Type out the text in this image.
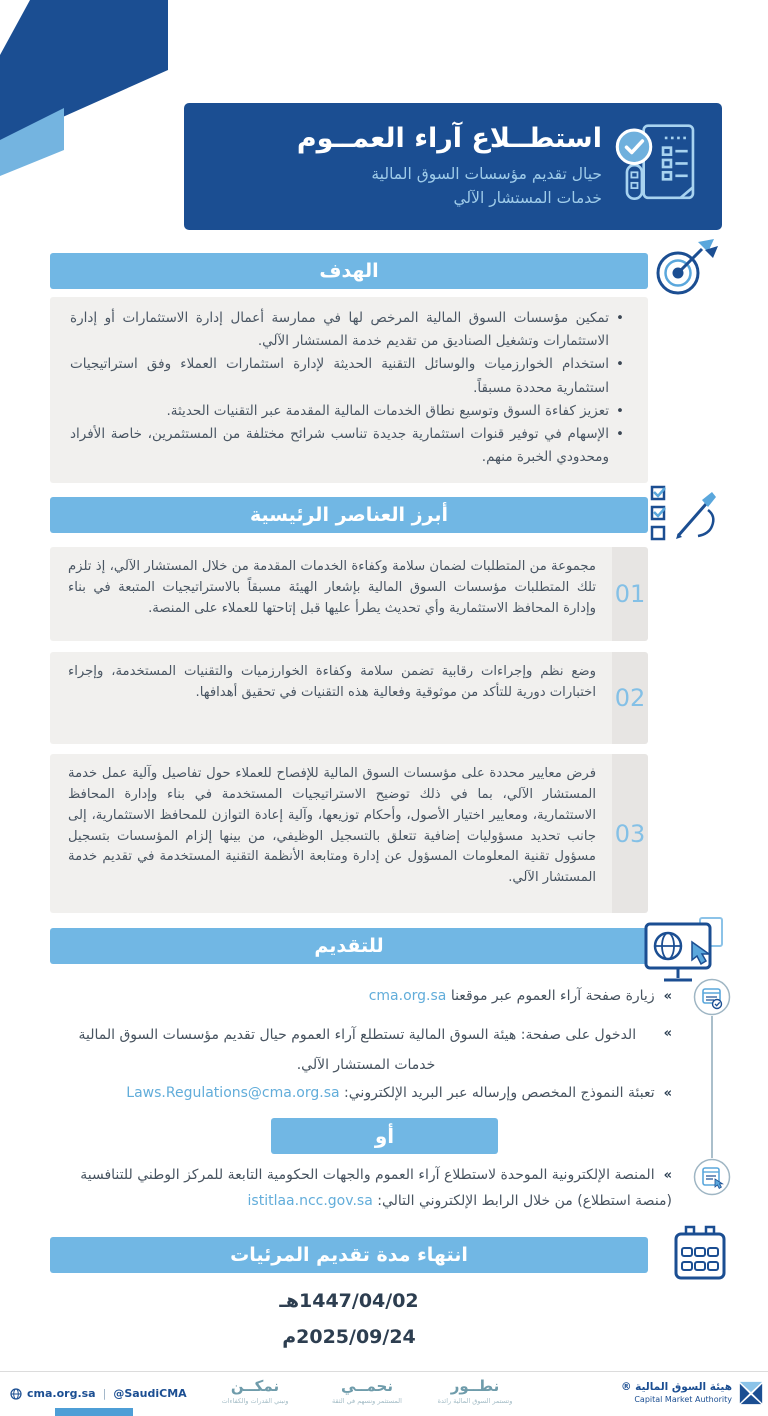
استطــلاع آراء العمــوم
حيال تقديم مؤسسات السوق المالية
خدمات المستشار الآلي
الهدف
• تمكين مؤسسات السوق المالية المرخص لها في ممارسة أعمال إدارة الاستثمارات أو إدارة الاستثمارات وتشغيل الصناديق من تقديم خدمة المستشار الآلي.
• استخدام الخوارزميات والوسائل التقنية الحديثة لإدارة استثمارات العملاء وفق استراتيجيات استثمارية محددة مسبقاً.
• تعزيز كفاءة السوق وتوسيع نطاق الخدمات المالية المقدمة عبر التقنيات الحديثة.
• الإسهام في توفير قنوات استثمارية جديدة تناسب شرائح مختلفة من المستثمرين، خاصة الأفراد ومحدودي الخبرة منهم.
أبرز العناصر الرئيسية
01
مجموعة من المتطلبات لضمان سلامة وكفاءة الخدمات المقدمة من خلال المستشار الآلي، إذ تلزم تلك المتطلبات مؤسسات السوق المالية بإشعار الهيئة مسبقاً بالاستراتيجيات المتبعة في بناء وإدارة المحافظ الاستثمارية وأي تحديث يطرأ عليها قبل إتاحتها للعملاء على المنصة.
02
وضع نظم وإجراءات رقابية تضمن سلامة وكفاءة الخوارزميات والتقنيات المستخدمة، وإجراء اختبارات دورية للتأكد من موثوقية وفعالية هذه التقنيات في تحقيق أهدافها.
03
فرض معايير محددة على مؤسسات السوق المالية للإفصاح للعملاء حول تفاصيل وآلية عمل خدمة المستشار الآلي، بما في ذلك توضيح الاستراتيجيات المستخدمة في بناء وإدارة المحافظ الاستثمارية، ومعايير اختيار الأصول، وأحكام توزيعها، وآلية إعادة التوازن للمحافظ الاستثمارية، إلى جانب تحديد مسؤوليات إضافية تتعلق بالتسجيل الوظيفي، من بينها إلزام المؤسسات بتسجيل مسؤول تقنية المعلومات المسؤول عن إدارة ومتابعة الأنظمة التقنية المستخدمة في تقديم خدمة المستشار الآلي.
للتقديم
«زيارة صفحة آراء العموم عبر موقعنا cma.org.sa
«
الدخول على صفحة: هيئة السوق المالية تستطلع آراء العموم حيال تقديم مؤسسات السوق المالية خدمات المستشار الآلي.
«تعبئة النموذج المخصص وإرساله عبر البريد الإلكتروني: Laws.Regulations@cma.org.sa
أو
«المنصة الإلكترونية الموحدة لاستطلاع آراء العموم والجهات الحكومية التابعة للمركز الوطني للتنافسية (منصة استطلاع) من خلال الرابط الإلكتروني التالي: istitlaa.ncc.gov.sa
انتهاء مدة تقديم المرئيات
1447/04/02هـ
2025/09/24م
cma.org.sa | @SaudiCMA	نطــور
وتستمر السوق المالية رائدة
نحمــي
المستثمر ونسهم في الثقة
نمكــن
ونبني القدرات والكفاءات
هيئة السوق المالية ®
Capital Market Authority
